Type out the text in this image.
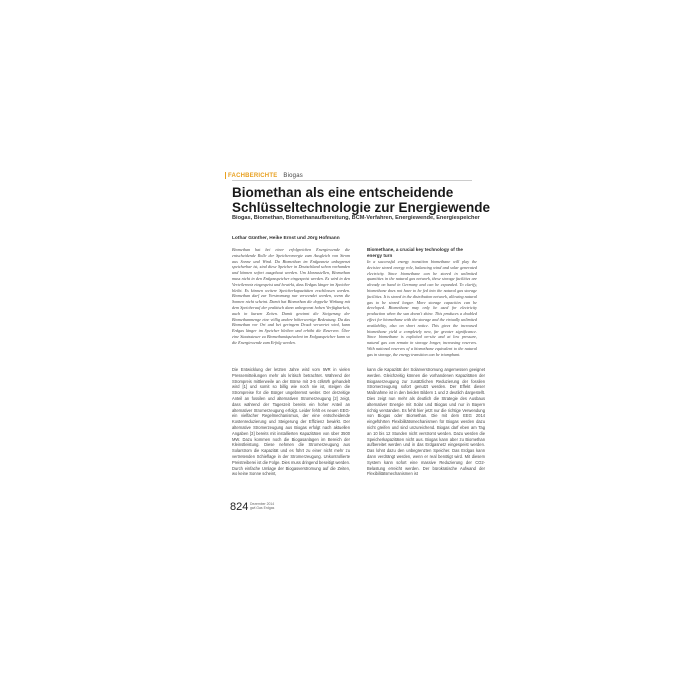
FACHBERICHTE Biogas
Biomethan als eine entscheidende Schlüsseltechnologie zur Energiewende
Biogas, Biomethan, Biomethanaufbereitung, BCM-Verfahren, Energiewende, Energiespeicher
Lothar Günther, Heike Ernst und Jörg Hofmann
Biomethan hat bei einer erfolgreichen Energiewende die entscheidende Rolle der Speicherenergie zum Ausgleich von Strom aus Sonne und Wind. Da Biomethan im Erdgasnetz unbegrenzt speicherbar ist, sind diese Speicher in Deutschland schon vorhanden und können sofort ausgebaut werden. Um klarzustellen, Biomethan muss nicht in den Erdgasspeicher eingespeist werden. Es wird in den Verteilernetz eingespeist und bewirkt, dass Erdgas länger im Speicher bleibt. Es können weitere Speicherkapazitäten erschlossen werden. Biomethan darf zur Verstromung nur verwendet werden, wenn die Sonnen nicht scheint. Damit hat Biomethan die doppelte Wirkung mit dem Speicherauf der praktisch dann unbegrenzt hohen Verfügbarkeit, auch in kurzen Zeiten. Damit gewinnt die Steigerung der Biomethanmenge eine völlig andere höherwertige Bedeutung. Da das Biomethan vor Ort und bei geringem Druck verwertet wird, kann Erdgas länger im Speicher bleiben und erhöht die Reserven. Über eine Staatssteuer zu Biomethanäquivalent im Erdgasspeicher kann so die Energiewende zum Erfolg werden.
Biomethane, a crucial key technology of the energy turn
In a successful energy transition biomethane will play the decisive stored energy role, balancing wind and solar generated electricity. Since biomethane can be stored in unlimited quantities in the natural gas network, these storage facilities are already on hand in Germany and can be expanded. To clarify, biomethane does not have to be fed into the natural gas storage facilities. It is stored in the distribution network, allowing natural gas to be stored longer. More storage capacities can be developed. Biomethane may only be used for electricity production when the sun doesn't shine. This produces a doubled effect for biomethane with the storage and the virtually unlimited availability, also on short notice. This gives the increased biomethane yield a completely new, far greater significance. Since biomethane is exploited on-site and at low pressure, natural gas can remain in storage longer, increasing reserves. With national reserves of a biomethane equivalent to the natural gas in storage, the energy transition can be triumphant.
Die Entwicklung der letzten Jahre wird vom IWR in vielen Pressemitteilungen mehr als kritisch betrachtet. Während der Strompreis mittlerweile an der Börse mit 3-5 ct/kWh gehandelt wird [1] und somit so billig wie noch nie ist, steigen die Strompreise für die Bürger ungebremst weiter. Der derzeitige Anteil an fossilen und alternativen Stromerzeugung [2] zeigt, dass während der Tageszeit bereits ein hoher Anteil an alternativer Stromerzeugung erfolgt. Leider fehlt es neuen EEG-ein vielfacher Regelmechanismus, der eine entscheidende Kostenreduzierung und Steigerung der Effizienz bewirkt. Der alternative Stromerzeugung aus Biogas erfolgt nach aktuellen Angaben [3] bereits mit installierten Kapazitäten von über 3500 MW. Dazu kommen noch die Biogasanlagen im Bereich der Kleinstleistung. Diese nehmen die Stromerzeugung aus Solarstrom die Kapazität und es führt zu einer nicht mehr zu vertretenden Schieflage in der Stromerzeugung. Unkontrollierte Preistreiberei ist die Folge. Dies muss dringend beseitigt werden. Durch einfache Umlage der Biogasverstromung auf die Zeiten, wo keine Sonne scheint,
kann die Kapazität der Solarverstromung angemessen geeignet werden. Gleichzeitig können die vorhandenen Kapazitäten der Biogaserzeugung zur zusätzlichen Reduzierung der fossilen Stromerzeugung sofort genutzt werden. Der Effekt dieser Maßnahme ist in den beiden Bildern 1 und 2 deutlich dargestellt. Dies zeigt nun mehr als deutlich die Strategie des Ausbaus alternativer Energie mit Solar und Biogas und nur in Bayern richtig verstanden. Es fehlt hier jetzt nur die richtige Verwendung von Biogas oder Biomethan. Die mit dem EEG 2014 eingeführten Flexibilitätsmechanismen für Biogas werden dazu nicht greifen und sind unzureichend. Biogas darf eben am Tag an 10 bis 12 Stunden nicht verstromt werden. Dazu werden die Speicherkapazitäten nicht aus. Biogas kann aber zu Biomethan aufbereitet werden und in das Erdgasnetz eingespeist werden. Das lohnt dazu den unbegrenzten Speicher. Das Erdgas kann dann verdrängt werden, wenn er real benötigt wird. Mit diesem System kann sofort eine massive Reduzierung der CO2-Belastung erreicht werden. Der bürokratische Aufwand der Flexibilitätsmechanismen ist
824 Dezember 2014
gwf-Gas Erdgas
